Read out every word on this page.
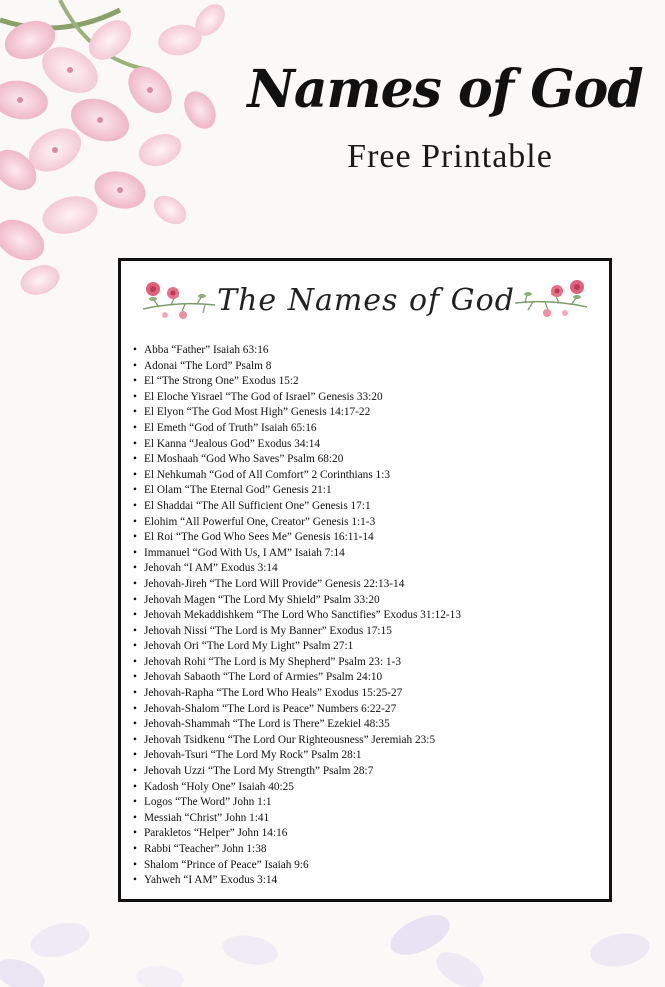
Names of God
Free Printable
The Names of God
• Abba “Father” Isaiah 63:16
• Adonai “The Lord” Psalm 8
• El “The Strong One” Exodus 15:2
• El Eloche Yisrael “The God of Israel” Genesis 33:20
• El Elyon “The God Most High” Genesis 14:17-22
• El Emeth “God of Truth” Isaiah 65:16
• El Kanna “Jealous God” Exodus 34:14
• El Moshaah “God Who Saves” Psalm 68:20
• El Nehkumah “God of All Comfort” 2 Corinthians 1:3
• El Olam “The Eternal God” Genesis 21:1
• El Shaddai “The All Sufficient One” Genesis 17:1
• Elohim “All Powerful One, Creator” Genesis 1:1-3
• El Roi “The God Who Sees Me” Genesis 16:11-14
• Immanuel “God With Us, I AM” Isaiah 7:14
• Jehovah “I AM” Exodus 3:14
• Jehovah-Jireh “The Lord Will Provide” Genesis 22:13-14
• Jehovah Magen “The Lord My Shield” Psalm 33:20
• Jehovah Mekaddishkem “The Lord Who Sanctifies” Exodus 31:12-13
• Jehovah Nissi “The Lord is My Banner” Exodus 17:15
• Jehovah Ori “The Lord My Light” Psalm 27:1
• Jehovah Rohi “The Lord is My Shepherd” Psalm 23: 1-3
• Jehovah Sabaoth “The Lord of Armies” Psalm 24:10
• Jehovah-Rapha “The Lord Who Heals” Exodus 15:25-27
• Jehovah-Shalom “The Lord is Peace” Numbers 6:22-27
• Jehovah-Shammah “The Lord is There” Ezekiel 48:35
• Jehovah Tsidkenu “The Lord Our Righteousness” Jeremiah 23:5
• Jehovah-Tsuri “The Lord My Rock” Psalm 28:1
• Jehovah Uzzi “The Lord My Strength” Psalm 28:7
• Kadosh “Holy One” Isaiah 40:25
• Logos “The Word” John 1:1
• Messiah “Christ” John 1:41
• Parakletos “Helper” John 14:16
• Rabbi “Teacher” John 1:38
• Shalom “Prince of Peace” Isaiah 9:6
• Yahweh “I AM” Exodus 3:14
